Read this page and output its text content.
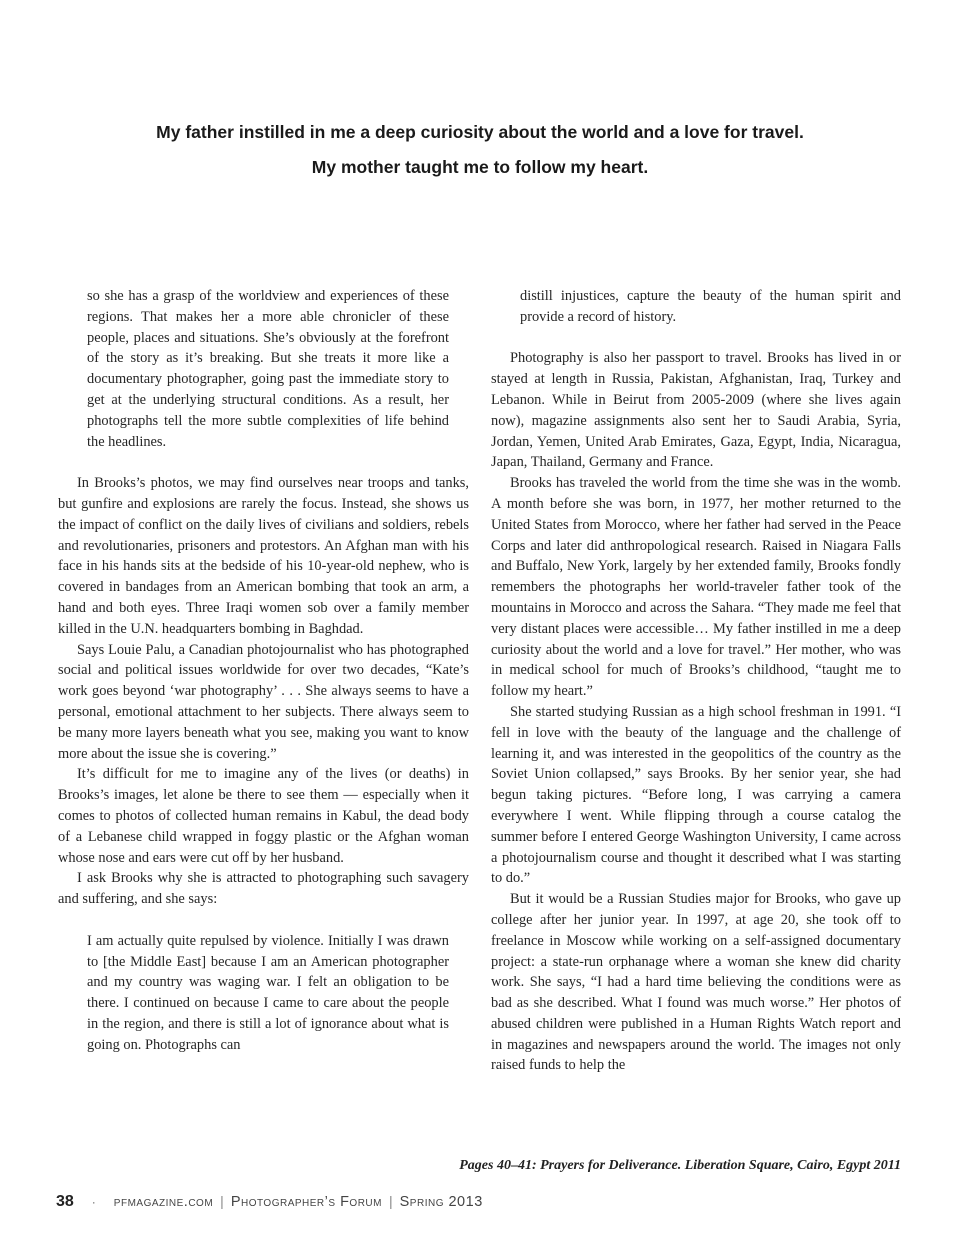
My father instilled in me a deep curiosity about the world and a love for travel.

My mother taught me to follow my heart.

so she has a grasp of the worldview and experiences of these regions. That makes her a more able chronicler of these people, places and situations. She’s obviously at the forefront of the story as it’s breaking. But she treats it more like a documentary photographer, going past the immediate story to get at the underlying structural conditions. As a result, her photographs tell the more subtle complexities of life behind the headlines.

In Brooks’s photos, we may find ourselves near troops and tanks, but gunfire and explosions are rarely the focus. Instead, she shows us the impact of conflict on the daily lives of civilians and soldiers, rebels and revolutionaries, prisoners and protestors. An Afghan man with his face in his hands sits at the bedside of his 10-year-old nephew, who is covered in bandages from an American bombing that took an arm, a hand and both eyes. Three Iraqi women sob over a family member killed in the U.N. headquarters bombing in Baghdad.

Says Louie Palu, a Canadian photojournalist who has photographed social and political issues worldwide for over two decades, “Kate’s work goes beyond ‘war photography’ . . . She always seems to have a personal, emotional attachment to her subjects. There always seem to be many more layers beneath what you see, making you want to know more about the issue she is covering.”

It’s difficult for me to imagine any of the lives (or deaths) in Brooks’s images, let alone be there to see them — especially when it comes to photos of collected human remains in Kabul, the dead body of a Lebanese child wrapped in foggy plastic or the Afghan woman whose nose and ears were cut off by her husband.

I ask Brooks why she is attracted to photographing such savagery and suffering, and she says:

I am actually quite repulsed by violence. Initially I was drawn to [the Middle East] because I am an American photographer and my country was waging war. I felt an obligation to be there. I continued on because I came to care about the people in the region, and there is still a lot of ignorance about what is going on. Photographs can

distill injustices, capture the beauty of the human spirit and provide a record of history.

Photography is also her passport to travel. Brooks has lived in or stayed at length in Russia, Pakistan, Afghanistan, Iraq, Turkey and Lebanon. While in Beirut from 2005-2009 (where she lives again now), magazine assignments also sent her to Saudi Arabia, Syria, Jordan, Yemen, United Arab Emirates, Gaza, Egypt, India, Nicaragua, Japan, Thailand, Germany and France.

Brooks has traveled the world from the time she was in the womb. A month before she was born, in 1977, her mother returned to the United States from Morocco, where her father had served in the Peace Corps and later did anthropological research. Raised in Niagara Falls and Buffalo, New York, largely by her extended family, Brooks fondly remembers the photographs her world-traveler father took of the mountains in Morocco and across the Sahara. “They made me feel that very distant places were accessible… My father instilled in me a deep curiosity about the world and a love for travel.” Her mother, who was in medical school for much of Brooks’s childhood, “taught me to follow my heart.”

She started studying Russian as a high school freshman in 1991. “I fell in love with the beauty of the language and the challenge of learning it, and was interested in the geopolitics of the country as the Soviet Union collapsed,” says Brooks. By her senior year, she had begun taking pictures. “Before long, I was carrying a camera everywhere I went. While flipping through a course catalog the summer before I entered George Washington University, I came across a photojournalism course and thought it described what I was starting to do.”

But it would be a Russian Studies major for Brooks, who gave up college after her junior year. In 1997, at age 20, she took off to freelance in Moscow while working on a self-assigned documentary project: a state-run orphanage where a woman she knew did charity work. She says, “I had a hard time believing the conditions were as bad as she described. What I found was much worse.” Her photos of abused children were published in a Human Rights Watch report and in magazines and newspapers around the world. The images not only raised funds to help the

Pages 40–41: Prayers for Deliverance. Liberation Square, Cairo, Egypt 2011
38 · pfmagazine.com | Photographer’s Forum | Spring 2013
